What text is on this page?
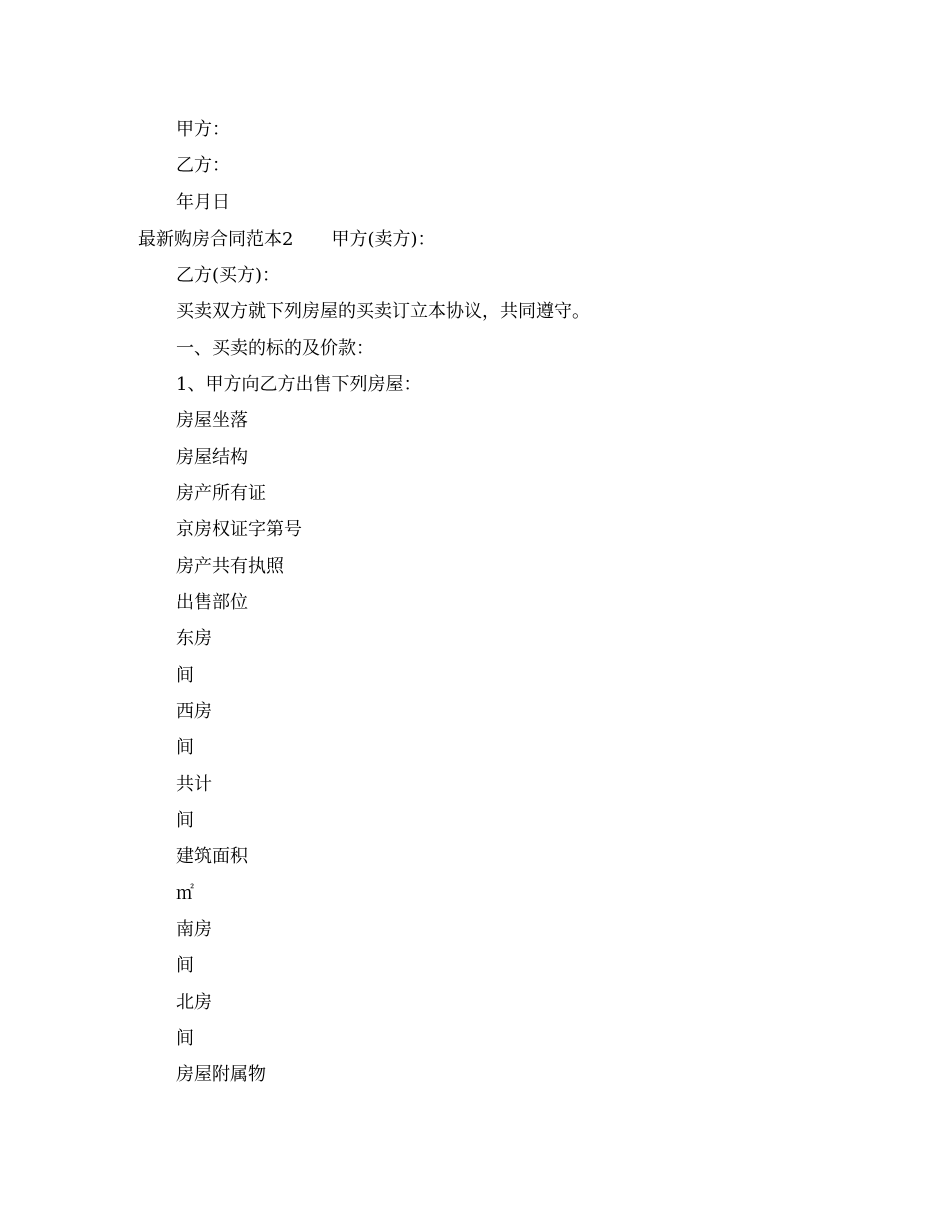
甲方：
乙方：
年月日
最新购房合同范本2 甲方(卖方)：
乙方(买方)：
买卖双方就下列房屋的买卖订立本协议，共同遵守。
一、买卖的标的及价款：
1、甲方向乙方出售下列房屋：
房屋坐落
房屋结构
房产所有证
京房权证字第号
房产共有执照
出售部位
东房
间
西房
间
共计
间
建筑面积
㎡
南房
间
北房
间
房屋附属物
